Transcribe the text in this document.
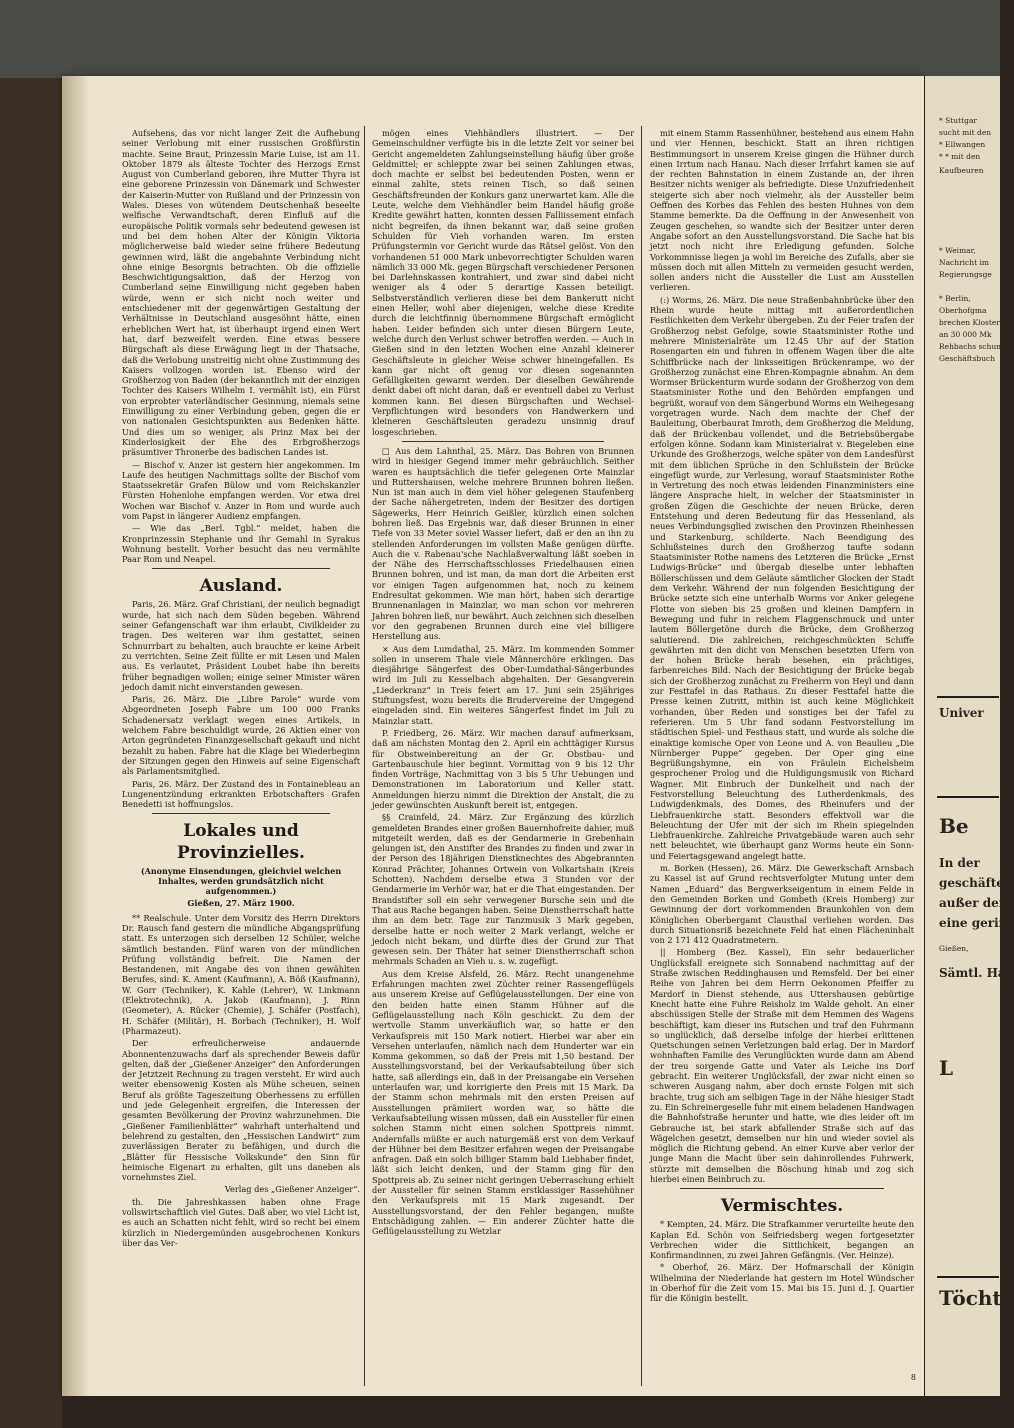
Aufsehens, das vor nicht langer Zeit die Aufhebung seiner Verlobung mit einer russischen Großfürstin machte. Seine Braut, Prinzessin Marie Luise, ist am 11. Oktober 1879 als älteste Tochter des Herzogs Ernst August von Cumberland geboren, ihre Mutter Thyra ist eine geborene Prinzessin von Dänemark und Schwester der Kaiserin-Mutter von Rußland und der Prinzessin von Wales. Dieses von wütendem Deutschenhaß beseelte welfische Verwandtschaft, deren Einfluß auf die europäische Politik vormals sehr bedeutend gewesen ist und bei dem hohen Alter der Königin Viktoria möglicherweise bald wieder seine frühere Bedeutung gewinnen wird, läßt die angebahnte Verbindung nicht ohne einige Besorgnis betrachten. Ob die offizielle Beschwichtigungsaktion, daß der Herzog von Cumberland seine Einwilligung nicht gegeben haben würde, wenn er sich nicht noch weiter und entschiedener mit der gegenwärtigen Gestaltung der Verhältnisse in Deutschland ausgesöhnt hätte, einen erheblichen Wert hat, ist überhaupt irgend einen Wert hat, darf bezweifelt werden. Eine etwas bessere Bürgschaft als diese Erwägung liegt in der Thatsache, daß die Verlobung unstreitig nicht ohne Zustimmung des Kaisers vollzogen worden ist. Ebenso wird der Großherzog von Baden (der bekanntlich mit der einzigen Tochter des Kaisers Wilhelm I. vermählt ist), ein Fürst von erprobter vaterländischer Gesinnung, niemals seine Einwilligung zu einer Verbindung geben, gegen die er von nationalen Gesichtspunkten aus Bedenken hätte. Und dies um so weniger, als Prinz Max bei der Kinderlosigkeit der Ehe des Erbgroßherzogs präsumtiver Thronerbe des badischen Landes ist.

— Bischof v. Anzer ist gestern hier angekommen. Im Laufe des heutigen Nachmittags sollte der Bischof vom Staatssekretär Grafen Bülow und vom Reichskanzler Fürsten Hohenlohe empfangen werden. Vor etwa drei Wochen war Bischof v. Anzer in Rom und wurde auch vom Papst in längerer Audienz empfangen.

— Wie das „Berl. Tgbl.“ meldet, haben die Kronprinzessin Stephanie und ihr Gemahl in Syrakus Wohnung bestellt. Vorher besucht das neu vermählte Paar Rom und Neapel.

Ausland.

Paris, 26. März. Graf Christiani, der neulich begnadigt wurde, hat sich nach dem Süden begeben. Während seiner Gefangenschaft war ihm erlaubt, Civilkleider zu tragen. Des weiteren war ihm gestattet, seinen Schnurrbart zu behalten, auch brauchte er keine Arbeit zu verrichten. Seine Zeit füllte er mit Lesen und Malen aus. Es verlautet, Präsident Loubet habe ihn bereits früher begnadigen wollen; einige seiner Minister wären jedoch damit nicht einverstanden gewesen.

Paris, 26. März. Die „Libre Parole“ wurde vom Abgeordneten Joseph Fabre um 100 000 Franks Schadenersatz verklagt wegen eines Artikels, in welchem Fabre beschuldigt wurde, 26 Aktien einer von Arton gegründeten Finanzgesellschaft gekauft und nicht bezahlt zu haben. Fabre hat die Klage bei Wiederbeginn der Sitzungen gegen den Hinweis auf seine Eigenschaft als Parlamentsmitglied.

Paris, 26. März. Der Zustand des in Fontainebleau an Lungenentzündung erkrankten Erbotschafters Grafen Benedetti ist hoffnungslos.

Lokales und Provinzielles.

(Anonyme Einsendungen, gleichviel welchen Inhaltes, werden grundsätzlich nicht aufgenommen.)

Gießen, 27. März 1900.

** Realschule. Unter dem Vorsitz des Herrn Direktors Dr. Rausch fand gestern die mündliche Abgangsprüfung statt. Es unterzogen sich derselben 12 Schüler, welche sämtlich bestanden. Fünf waren von der mündlichen Prüfung vollständig befreit. Die Namen der Bestandenen, mit Angabe des von ihnen gewählten Berufes, sind: K. Ament (Kaufmann), A. Böß (Kaufmann), W. Gorr (Techniker), K. Kahle (Lehrer), W. Linkmann (Elektrotechnik), A. Jakob (Kaufmann), J. Rinn (Geometer), A. Rücker (Chemie), J. Schäfer (Postfach), H. Schäfer (Militär), H. Borbach (Techniker), H. Wolf (Pharmazeut).

Der erfreulicherweise andauernde Abonnentenzuwachs darf als sprechender Beweis dafür gelten, daß der „Gießener Anzeiger“ den Anforderungen der Jetztzeit Rechnung zu tragen versteht. Er wird auch weiter ebensowenig Kosten als Mühe scheuen, seinen Beruf als größte Tageszeitung Oberhessens zu erfüllen und jede Gelegenheit ergreifen, die Interessen der gesamten Bevölkerung der Provinz wahrzunehmen. Die „Gießener Familienblätter“ wahrhaft unterhaltend und belehrend zu gestalten, den „Hessischen Landwirt“ zum zuverlässigen Berater zu befähigen, und durch die „Blätter für Hessische Volkskunde“ den Sinn für heimische Eigenart zu erhalten, gilt uns daneben als vornehmstes Ziel.

Verlag des „Gießener Anzeiger“.

th. Die Jahreshkassen haben ohne Frage vollswirtschaftlich viel Gutes. Daß aber, wo viel Licht ist, es auch an Schatten nicht fehlt, wird so recht bei einem kürzlich in Niedergemünden ausgebrochenen Konkurs über das Ver-

mögen eines Viehhändlers illustriert. — Der Gemeinschuldner verfügte bis in die letzte Zeit vor seiner bei Gericht angemeldeten Zahlungseinstellung häufig über große Geldmittel; er schleppte zwar bei seinen Zahlungen etwas, doch machte er selbst bei bedeutenden Posten, wenn er einmal zahlte, stets reinen Tisch, so daß seinen Geschäftsfreunden der Konkurs ganz unerwartet kam. Alle die Leute, welche dem Viehhändler beim Handel häufig große Kredite gewährt hatten, konnten dessen Falliissement einfach nicht begreifen, da ihnen bekannt war, daß seine großen Schulden für Vieh vorhanden waren. Im ersten Prüfungstermin vor Gericht wurde das Rätsel gelöst. Von den vorhandenen 51 000 Mark unbevorrechtigter Schulden waren nämlich 33 000 Mk. gegen Bürgschaft verschiedener Personen bei Darlehnskassen kontrahiert, und zwar sind dabei nicht weniger als 4 oder 5 derartige Kassen beteiligt. Selbstverständlich verlieren diese bei dem Bankerutt nicht einen Heller, wohl aber diejenigen, welche diese Kredite durch die leichtfinnig übernommene Bürgschaft ermöglicht haben. Leider befinden sich unter diesen Bürgern Leute, welche durch den Verlust schwer betroffen werden. — Auch in Gießen sind in den letzten Wochen eine Anzahl kleinerer Geschäftsleute in gleicher Weise schwer hineingefallen. Es kann gar nicht oft genug vor diesen sogenannten Gefälligkeiten gewarnt werden. Der dieselben Gewährende denkt dabei oft nicht daran, daß er eventuell dabei zu Verlust kommen kann. Bei diesen Bürgschaften und Wechsel-Verpflichtungen wird besonders von Handwerkern und kleineren Geschäftsleuten geradezu unsinnig drauf losgeschrieben.

□ Aus dem Lahnthal, 25. März. Das Bohren von Brunnen wird in hiesiger Gegend immer mehr gebräuchlich. Seither waren es hauptsächlich die tiefer gelegenen Orte Mainzlar und Ruttershausen, welche mehrere Brunnen bohren ließen. Nun ist man auch in dem viel höher gelegenen Staufenberg der Sache nähergetreten, indem der Besitzer des dortigen Sägewerks, Herr Heinrich Geißler, kürzlich einen solchen bohren ließ. Das Ergebnis war, daß dieser Brunnen in einer Tiefe von 33 Meter soviel Wasser liefert, daß er den an ihn zu stellenden Anforderungen im vollsten Maße genügen dürfte. Auch die v. Rabenau'sche Nachlaßverwaltung läßt soeben in der Nähe des Herrschaftsschlosses Friedelhausen einen Brunnen bohren, und ist man, da man dort die Arbeiten erst vor einigen Tagen aufgenommen hat, noch zu keinem Endresultat gekommen. Wie man hört, haben sich derartige Brunnenanlagen in Mainzlar, wo man schon vor mehreren Jahren bohren ließ, nur bewährt. Auch zeichnen sich dieselben vor den gegrabenen Brunnen durch eine viel billigere Herstellung aus.

× Aus dem Lumdathal, 25. März. Im kommenden Sommer sollen in unserem Thale viele Männerchöre erklingen. Das diesjährige Sängerfest des Ober-Lumdathal-Sängerbundes wird im Juli zu Kesselbach abgehalten. Der Gesangverein „Liederkranz“ in Treis feiert am 17. Juni sein 25jähriges Stiftungsfest, wozu bereits die Brudervereine der Umgegend eingeladen sind. Ein weiteres Sängerfest findet im Juli zu Mainzlar statt.

P. Friedberg, 26. März. Wir machen darauf aufmerksam, daß am nächsten Montag den 2. April ein achttägiger Kursus für Obstweinbereitung an der Gr. Obstbau- und Gartenbauschule hier beginnt. Vormittag von 9 bis 12 Uhr finden Vorträge, Nachmittag von 3 bis 5 Uhr Uebungen und Demonstrationen im Laboratorium und Keller statt. Anmeldungen hierzu nimmt die Direktion der Anstalt, die zu jeder gewünschten Auskunft bereit ist, entgegen.

§§ Crainfeld, 24. März. Zur Ergänzung des kürzlich gemeldeten Brandes einer großen Bauernhofreite dahier, muß mitgeteilt werden, daß es der Gendarmerie in Grebenhain gelungen ist, den Anstifter des Brandes zu finden und zwar in der Person des 18jährigen Dienstknechtes des Abgebrannten Konrad Prächter, Johannes Ortwein von Volkartshain (Kreis Schotten). Nachdem derselbe etwa 3 Stunden vor der Gendarmerie im Verhör war, hat er die That eingestanden. Der Brandstifter soll ein sehr verwegener Bursche sein und die That aus Rache begangen haben. Seine Dienstherrschaft hatte ihm an dem betr. Tage zur Tanzmusik 3 Mark gegeben, derselbe hatte er noch weiter 2 Mark verlangt, welche er jedoch nicht bekam, und dürfte dies der Grund zur That gewesen sein. Der Thäter hat seiner Dienstherrschaft schon mehrmals Schaden an Vieh u. s. w. zugefügt.

Aus dem Kreise Alsfeld, 26. März. Recht unangenehme Erfahrungen machten zwei Züchter reiner Rassengeflügels aus unserem Kreise auf Geflügelausstellungen. Der eine von den beiden hatte einen Stamm Hühner auf die Geflügelausstellung nach Köln geschickt. Zu dem der wertvolle Stamm unverkäuflich war, so hatte er den Verkaufspreis mit 150 Mark notiert. Hierbei war aber ein Versehen unterlaufen, nämlich nach dem Hunderter war ein Komma gekommen, so daß der Preis mit 1,50 bestand. Der Ausstellungsvorstand, bei der Verkaufsabteilung über sich hatte, saß allerdings ein, daß in der Preisangabe ein Versehen unterlaufen war, und korrigierte den Preis mit 15 Mark. Da der Stamm schon mehrmals mit den ersten Preisen auf Ausstellungen prämiiert worden war, so hätte die Verkaufsabteilung wissen müssen, daß ein Aussteller für einen solchen Stamm nicht einen solchen Spottpreis nimmt. Andernfalls müßte er auch naturgemäß erst von dem Verkauf der Hühner bei dem Besitzer erfahren wegen der Preisangabe anfragen. Daß ein solch billiger Stamm bald Liebhaber findet, läßt sich leicht denken, und der Stamm ging für den Spottpreis ab. Zu seiner nicht geringen Ueberraschung erhielt der Aussteller für seinen Stamm erstklassiger Rassehühner den Verkaufspreis mit 15 Mark zugesandt. Der Ausstellungsvorstand, der den Fehler begangen, mußte Entschädigung zahlen. — Ein anderer Züchter hatte die Geflügelausstellung zu Wetzlar

mit einem Stamm Rassenhühner, bestehend aus einem Hahn und vier Hennen, beschickt. Statt an ihren richtigen Bestimmungsort in unserem Kreise gingen die Hühner durch einen Irrtum nach Hanau. Nach dieser Irrfahrt kamen sie auf der rechten Bahnstation in einem Zustande an, der ihren Besitzer nichts weniger als befriedigte. Diese Unzufriedenheit steigerte sich aber noch vielmehr, als der Aussteller beim Oeffnen des Korbes das Fehlen des besten Huhnes von dem Stamme bemerkte. Da die Oeffnung in der Anwesenheit von Zeugen geschehen, so wandte sich der Besitzer unter deren Angabe sofort an den Ausstellungsvorstand. Die Sache hat bis jetzt noch nicht ihre Erledigung gefunden. Solche Vorkommnisse liegen ja wohl im Bereiche des Zufalls, aber sie müssen doch mit allen Mitteln zu vermeiden gesucht werden, sollen anders nicht die Aussteller die Lust am Ausstellen verlieren.

(:) Worms, 26. März. Die neue Straßenbahnbrücke über den Rhein wurde heute mittag mit außerordentlichen Festlichkeiten dem Verkehr übergeben. Zu der Feier trafen der Großherzog nebst Gefolge, sowie Staatsminister Rothe und mehrere Ministerialräte um 12.45 Uhr auf der Station Rosengarten ein und fuhren in offenem Wagen über die alte Schiffbrücke nach der linksseitigen Brückenrampe, wo der Großherzog zunächst eine Ehren-Kompagnie abnahm. An dem Wormser Brückenturm wurde sodann der Großherzog von dem Staatsminister Rothe und den Behörden empfangen und begrüßt, worauf von dem Sängerbund Worms ein Weihegesang vorgetragen wurde. Nach dem machte der Chef der Bauleitung, Oberbaurat Imroth, dem Großherzog die Meldung, daß der Brückenbau vollendet, und die Betriebsübergabe erfolgen könne. Sodann kam Ministerialrat v. Biegeleben eine Urkunde des Großherzogs, welche später von dem Landesfürst mit dem üblichen Sprüche in den Schlußstein der Brücke eingefügt wurde, zur Verlesung, worauf Staatsminister Rothe in Vertretung des noch etwas leidenden Finanzministers eine längere Ansprache hielt, in welcher der Staatsminister in großen Zügen die Geschichte der neuen Brücke, deren Entstehung und deren Bedeutung für das Hessenland, als neues Verbindungsglied zwischen den Provinzen Rheinhessen und Starkenburg, schilderte. Nach Beendigung des Schlußsteines durch den Großherzog taufte sodann Staatsminister Rothe namens des Letzteren die Brücke „Ernst Ludwigs-Brücke“ und übergab dieselbe unter lebhaften Böllerschüssen und dem Geläute sämtlicher Glocken der Stadt dem Verkehr. Während der nun folgenden Besichtigung der Brücke setzte sich eine unterhalb Worms vor Anker gelegene Flotte von sieben bis 25 großen und kleinen Dampfern in Bewegung und fuhr in reichem Flaggenschmuck und unter lautem Böllergetöne durch die Brücke, dem Großherzog salutierend. Die zahlreichen, reichgeschmückten Schiffe gewährten mit den dicht von Menschen besetzten Ufern von der hohen Brücke herab besehen, ein prächtiges, farbenreiches Bild. Nach der Besichtigung der Brücke begab sich der Großherzog zunächst zu Freiherrn von Heyl und dann zur Festtafel in das Rathaus. Zu dieser Festtafel hatte die Presse keinen Zutritt, mithin ist auch keine Möglichkeit vorhanden, über Reden und sonstiges bei der Tafel zu referieren. Um 5 Uhr fand sodann Festvorstellung im städtischen Spiel- und Festhaus statt, und wurde als solche die einaktige komische Oper von Leone und A. von Beaulieu „Die Nürnberger Puppe“ gegeben. Der Oper ging eine Begrüßungshymne, ein von Fräulein Eichelsheim gesprochener Prolog und die Huldigungsmusik von Richard Wagner. Mit Einbruch der Dunkelheit und nach der Festvorstellung Beleuchtung des Lutherdenkmals, des Ludwigdenkmals, des Domes, des Rheinufers und der Liebfrauenkirche statt. Besonders effektvoll war die Beleuchtung der Ufer mit der sich im Rhein spiegelnden Liebfrauenkirche. Zahlreiche Privatgebäude waren auch sehr nett beleuchtet, wie überhaupt ganz Worms heute ein Sonn- und Feiertagsgewand angelegt hatte.

m. Borken (Hessen), 26. März. Die Gewerkschaft Arnsbach zu Kassel ist auf Grund rechtsverfolgter Mutung unter dem Namen „Eduard“ das Bergwerkseigentum in einem Felde in den Gemeinden Borken und Gombeth (Kreis Homberg) zur Gewinnung der dort vorkommenden Braunkohlen von dem Königlichen Oberbergamt Clausthal verliehen worden. Das durch Situationsriß bezeichnete Feld hat einen Flächeninhalt von 2 171 412 Quadratmetern.

|| Homberg (Bez. Kassel), Ein sehr bedauerlicher Unglücksfall ereignete sich Sonnabend nachmittag auf der Straße zwischen Reddinghausen und Remsfeld. Der bei einer Reihe von Jahren bei dem Herrn Oekonomen Pfeiffer zu Mardorf in Dienst stehende, aus Uttershausen gebürtige Knecht hatte eine Fuhre Reisholz im Walde geholt. An einer abschüssigen Stelle der Straße mit dem Hemmen des Wagens beschäftigt, kam dieser ins Rutschen und traf den Fuhrmann so unglücklich, daß derselbe infolge der hierbei erlittenen Quetschungen seinen Verletzungen bald erlag. Der in Mardorf wohnhaften Familie des Verunglückten wurde dann am Abend der treu sorgende Gatte und Vater als Leiche ins Dorf gebracht. Ein weiterer Unglücksfall, der zwar nicht einen so schweren Ausgang nahm, aber doch ernste Folgen mit sich brachte, trug sich am selbigen Tage in der Nähe hiesiger Stadt zu. Ein Schreinergeselle fuhr mit einem beladenen Handwagen die Bahnhofstraße herunter und hatte, wie dies leider oft im Gebrauche ist, bei stark abfallender Straße sich auf das Wägelchen gesetzt, demselben nur hin und wieder soviel als möglich die Richtung gebend. An einer Kurve aber verlor der junge Mann die Macht über sein dahinrollendes Fuhrwerk, stürzte mit demselben die Böschung hinab und zog sich hierbei einen Beinbruch zu.

Vermischtes.

* Kempten, 24. März. Die Strafkammer verurteilte heute den Kaplan Ed. Schön von Seifriedsberg wegen fortgesetzter Verbrechen wider die Sittlichkeit, begangen an Konfirmandinnen, zu zwei Jahren Gefängnis. (Ver. Heinze).

* Oberhof, 26. März. Der Hofmarschall der Königin Wilhelmina der Niederlande hat gestern im Hotel Wündscher in Oberhof für die Zeit vom 15. Mai bis 15. Juni d. J. Quartier für die Königin bestellt.

8
* Stuttgar
sucht mit den
* Ellwangen
* * mit den
Kaufbeuren
* Weimar,
Nachricht im
Regierungsge
* Berlin,
Oberhofgma
brechen Klosterg
an 30 000 Mk
Rehbachs schun
Geschäftsbuch
Univer
Be
In der
geschäften
außer den
eine gerin
Gießen,
Sämtl. Ha
L
Töchte
